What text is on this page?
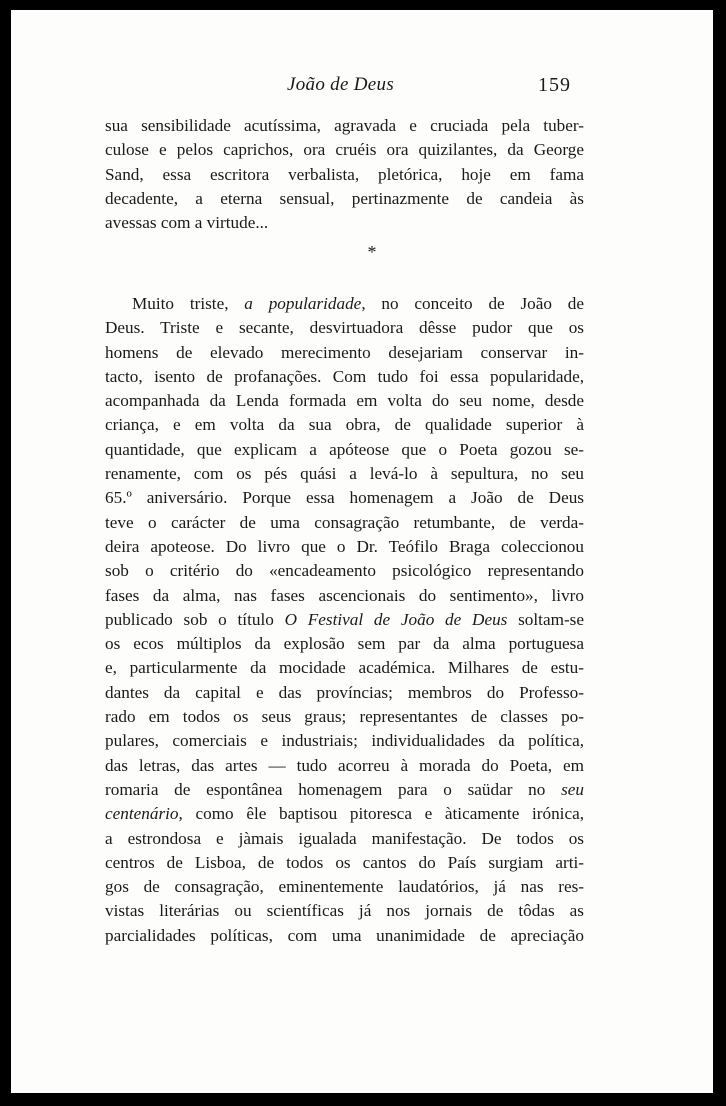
João de Deus	159
sua sensibilidade acutíssima, agravada e cruciada pela tuber-
culose e pelos caprichos, ora cruéis ora quizilantes, da George
Sand, essa escritora verbalista, pletórica, hoje em fama
decadente, a eterna sensual, pertinazmente de candeia às
avessas com a virtude...
*
Muito triste, a popularidade, no conceito de João de
Deus. Triste e secante, desvirtuadora dêsse pudor que os
homens de elevado merecimento desejariam conservar in-
tacto, isento de profanações. Com tudo foi essa popularidade,
acompanhada da Lenda formada em volta do seu nome, desde
criança, e em volta da sua obra, de qualidade superior à
quantidade, que explicam a apóteose que o Poeta gozou se-
renamente, com os pés quási a levá-lo à sepultura, no seu
65.º aniversário. Porque essa homenagem a João de Deus
teve o carácter de uma consagração retumbante, de verda-
deira apoteose. Do livro que o Dr. Teófilo Braga coleccionou
sob o critério do «encadeamento psicológico representando
fases da alma, nas fases ascencionais do sentimento», livro
publicado sob o título O Festival de João de Deus soltam-se
os ecos múltiplos da explosão sem par da alma portuguesa
e, particularmente da mocidade académica. Milhares de estu-
dantes da capital e das províncias; membros do Professo-
rado em todos os seus graus; representantes de classes po-
pulares, comerciais e industriais; individualidades da política,
das letras, das artes — tudo acorreu à morada do Poeta, em
romaria de espontânea homenagem para o saüdar no seu
centenário, como êle baptisou pitoresca e àticamente irónica,
a estrondosa e jàmais igualada manifestação. De todos os
centros de Lisboa, de todos os cantos do País surgiam arti-
gos de consagração, eminentemente laudatórios, já nas res-
vistas literárias ou scientíficas já nos jornais de tôdas as
parcialidades políticas, com uma unanimidade de apreciação
